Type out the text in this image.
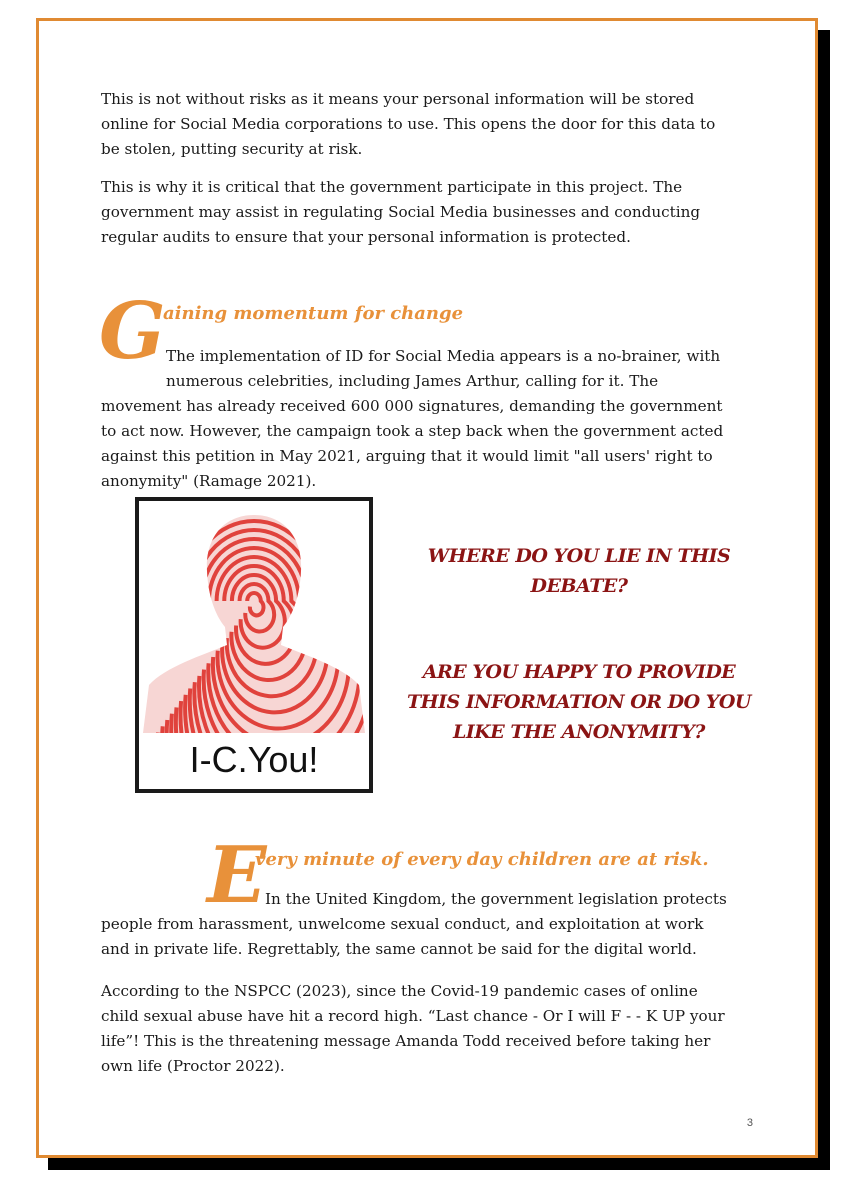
This is not without risks as it means your personal information will be stored
online for Social Media corporations to use. This opens the door for this data to
be stolen, putting security at risk.

This is why it is critical that the government participate in this project. The
government may assist in regulating Social Media businesses and conducting
regular audits to ensure that your personal information is protected.

G
aining momentum for change

The implementation of ID for Social Media appears is a no-brainer, with
numerous celebrities, including James Arthur, calling for it. The
movement has already received 600 000 signatures, demanding the government
to act now. However, the campaign took a step back when the government acted
against this petition in May 2021, arguing that it would limit "all users' right to
anonymity" (Ramage 2021).

I-C.You!
WHERE DO YOU LIE IN THIS
DEBATE?
ARE YOU HAPPY TO PROVIDE
THIS INFORMATION OR DO YOU
LIKE THE ANONYMITY?
E
very minute of every day children are at risk.

In the United Kingdom, the government legislation protects
people from harassment, unwelcome sexual conduct, and exploitation at work
and in private life. Regrettably, the same cannot be said for the digital world.

According to the NSPCC (2023), since the Covid-19 pandemic cases of online
child sexual abuse have hit a record high. “Last chance - Or I will F - - K UP your
life”! This is the threatening message Amanda Todd received before taking her
own life (Proctor 2022).

3
